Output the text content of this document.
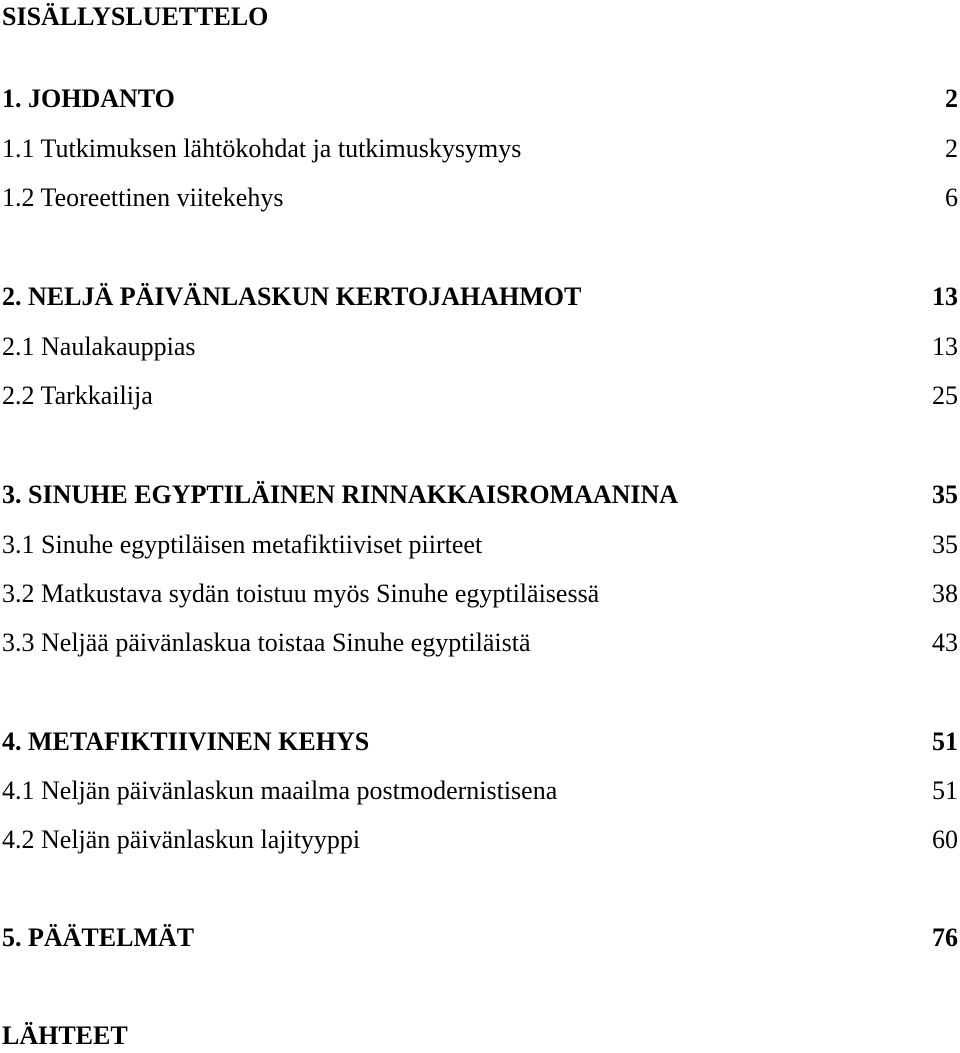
SISÄLLYSLUETTELO
1. JOHDANTO	2
1.1 Tutkimuksen lähtökohdat ja tutkimuskysymys	2
1.2 Teoreettinen viitekehys	6
2. NELJÄ PÄIVÄNLASKUN KERTOJAHAHMOT	13
2.1 Naulakauppias	13
2.2 Tarkkailija	25
3. SINUHE EGYPTILÄINEN RINNAKKAISROMAANINA	35
3.1 Sinuhe egyptiläisen metafiktiiviset piirteet	35
3.2 Matkustava sydän toistuu myös Sinuhe egyptiläisessä	38
3.3 Neljää päivänlaskua toistaa Sinuhe egyptiläistä	43
4. METAFIKTIIVINEN KEHYS	51
4.1 Neljän päivänlaskun maailma postmodernistisena	51
4.2 Neljän päivänlaskun lajityyppi	60
5. PÄÄTELMÄT	76
LÄHTEET
